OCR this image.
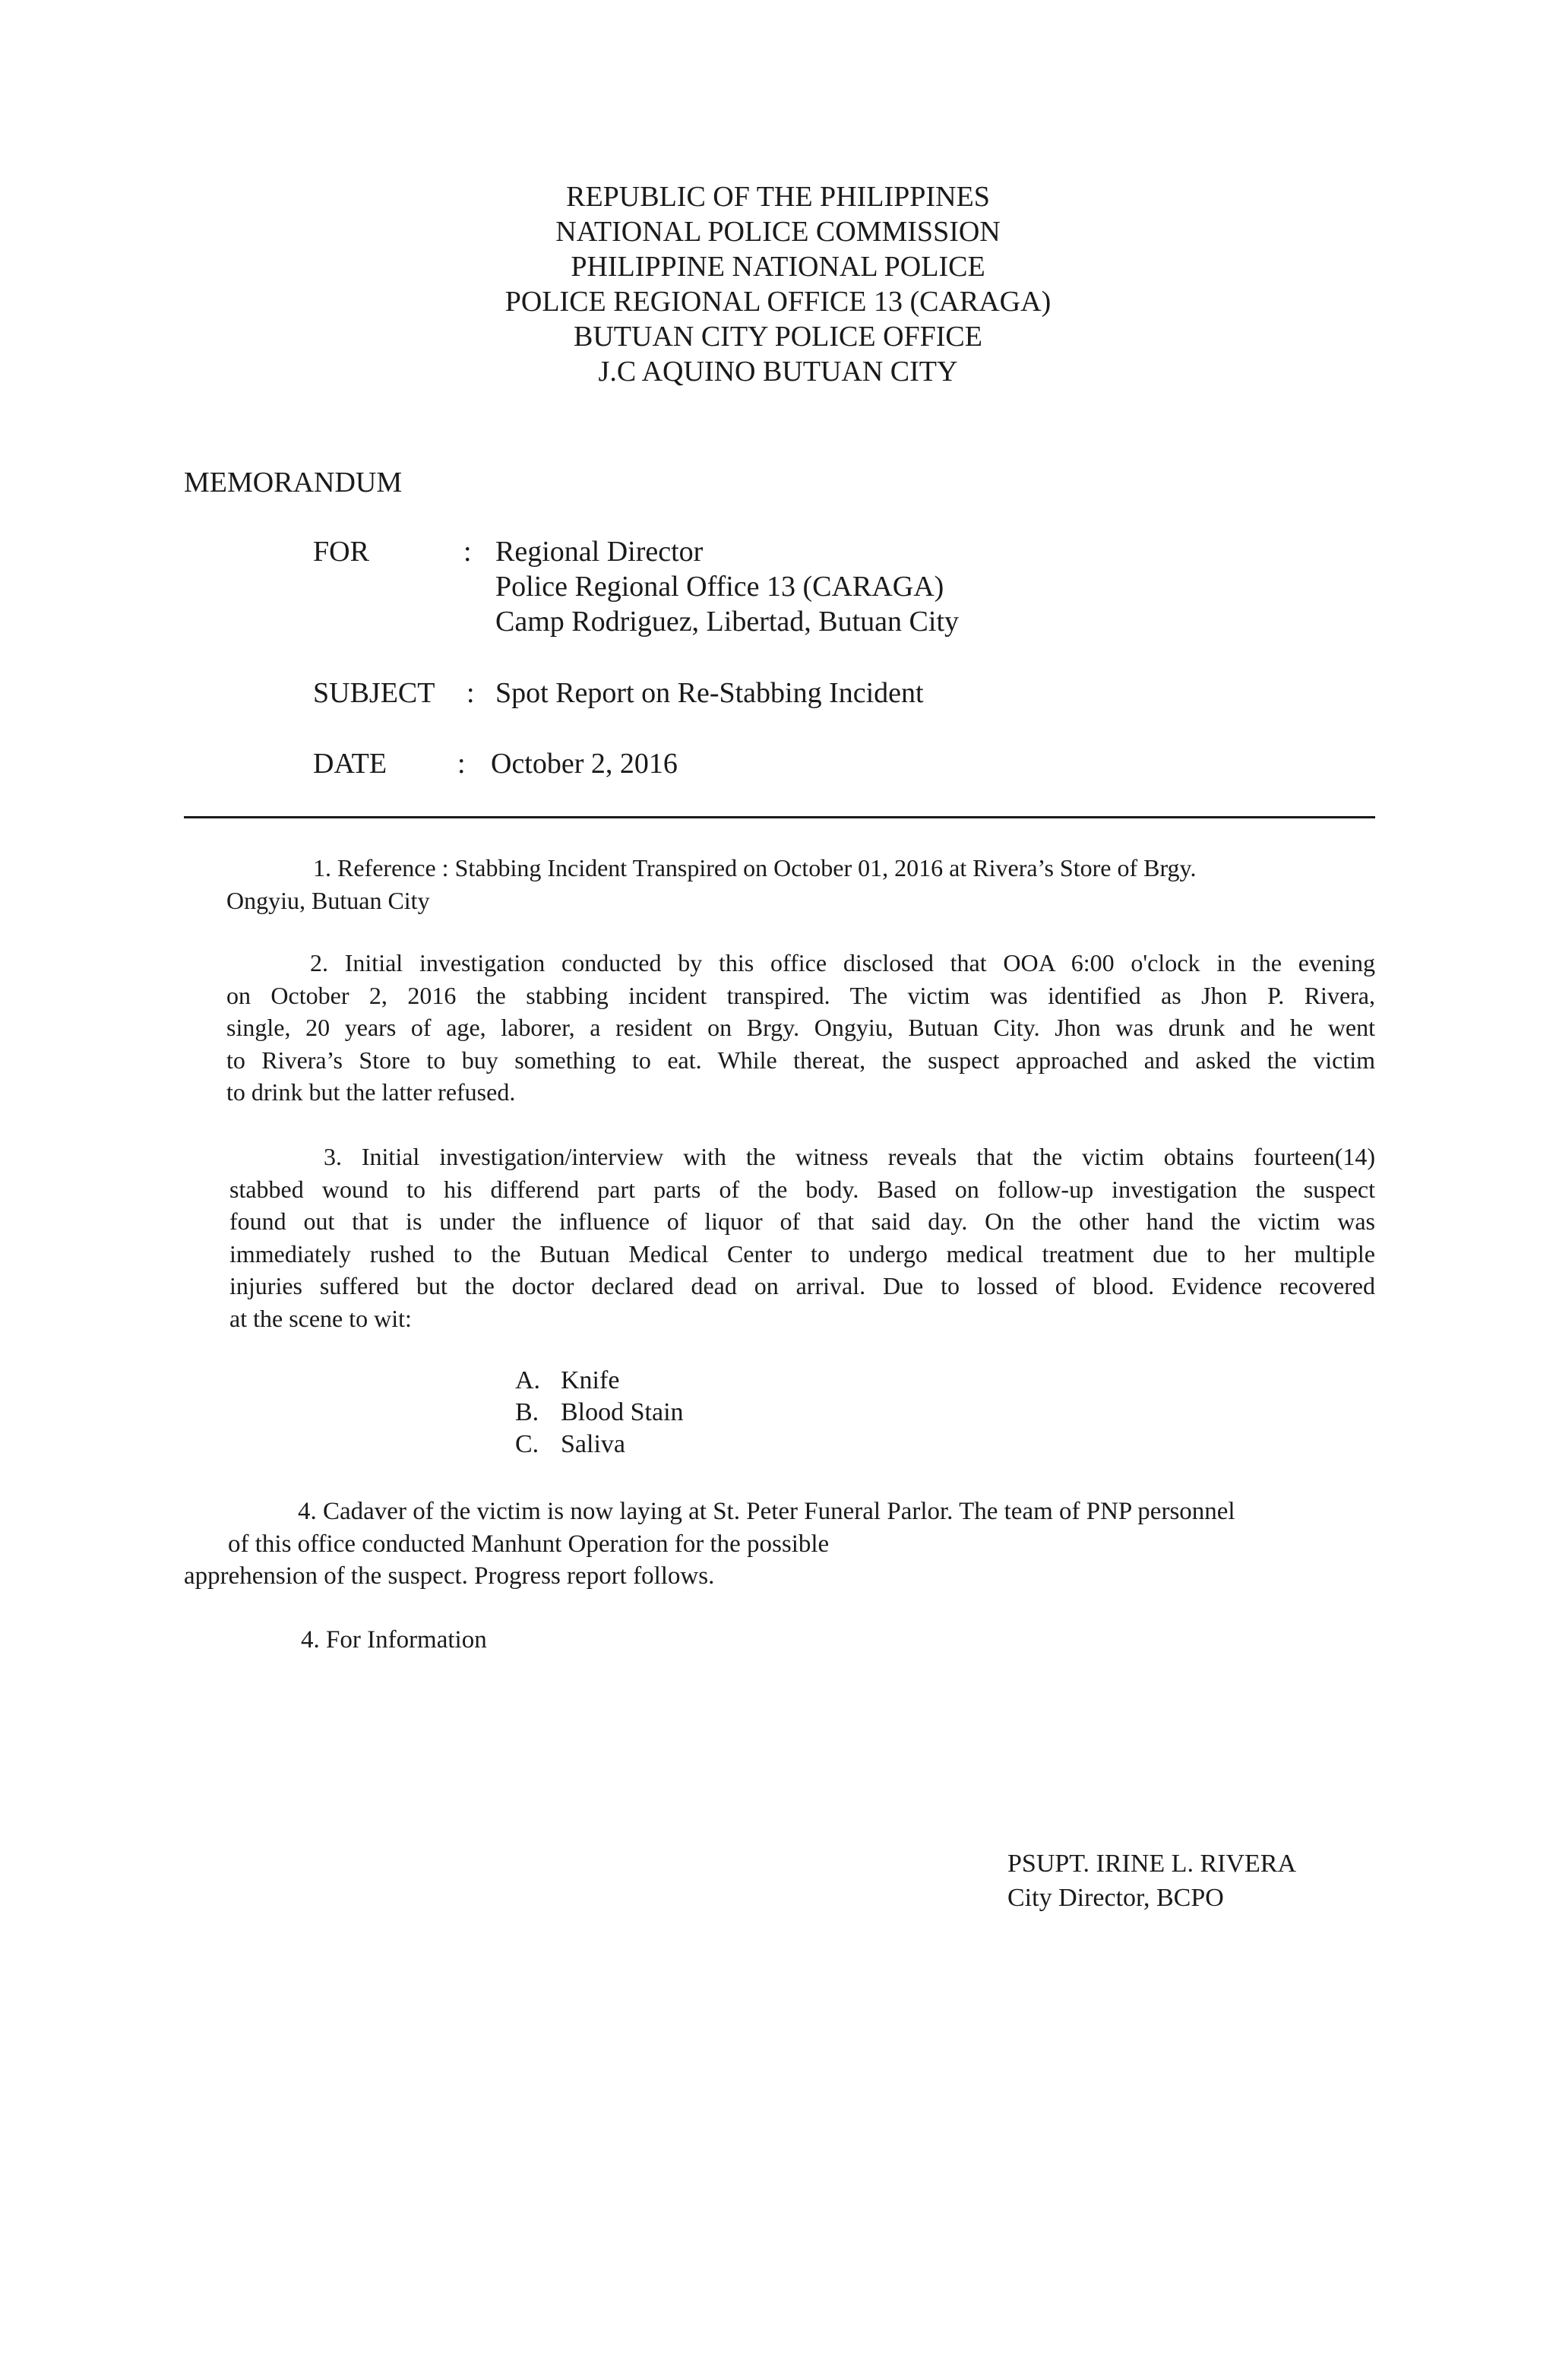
REPUBLIC OF THE PHILIPPINES
NATIONAL POLICE COMMISSION
PHILIPPINE NATIONAL POLICE
POLICE REGIONAL OFFICE 13 (CARAGA)
BUTUAN CITY POLICE OFFICE
J.C AQUINO BUTUAN CITY
MEMORANDUM
FOR	: Regional Director
Police Regional Office 13 (CARAGA)
Camp Rodriguez, Libertad, Butuan City
SUBJECT : Spot Report on Re-Stabbing Incident
DATE : October 2, 2016
1. Reference : Stabbing Incident Transpired on October 01, 2016 at Rivera’s Store of Brgy.
Ongyiu, Butuan City
2. Initial investigation conducted by this office disclosed that OOA 6:00 o'clock in the evening
on October 2, 2016 the stabbing incident transpired. The victim was identified as Jhon P. Rivera,
single, 20 years of age, laborer, a resident on Brgy. Ongyiu, Butuan City. Jhon was drunk and he went
to Rivera’s Store to buy something to eat. While thereat, the suspect approached and asked the victim
to drink but the latter refused.
3. Initial investigation/interview with the witness reveals that the victim obtains fourteen(14)
stabbed wound to his differend part parts of the body. Based on follow-up investigation the suspect
found out that is under the influence of liquor of that said day. On the other hand the victim was
immediately rushed to the Butuan Medical Center to undergo medical treatment due to her multiple
injuries suffered but the doctor declared dead on arrival. Due to lossed of blood. Evidence recovered
at the scene to wit:
A. Knife
B. Blood Stain
C. Saliva
4. Cadaver of the victim is now laying at St. Peter Funeral Parlor. The team of PNP personnel
of this office conducted Manhunt Operation for the possible
apprehension of the suspect. Progress report follows.
4. For Information
PSUPT. IRINE L. RIVERA
City Director, BCPO
